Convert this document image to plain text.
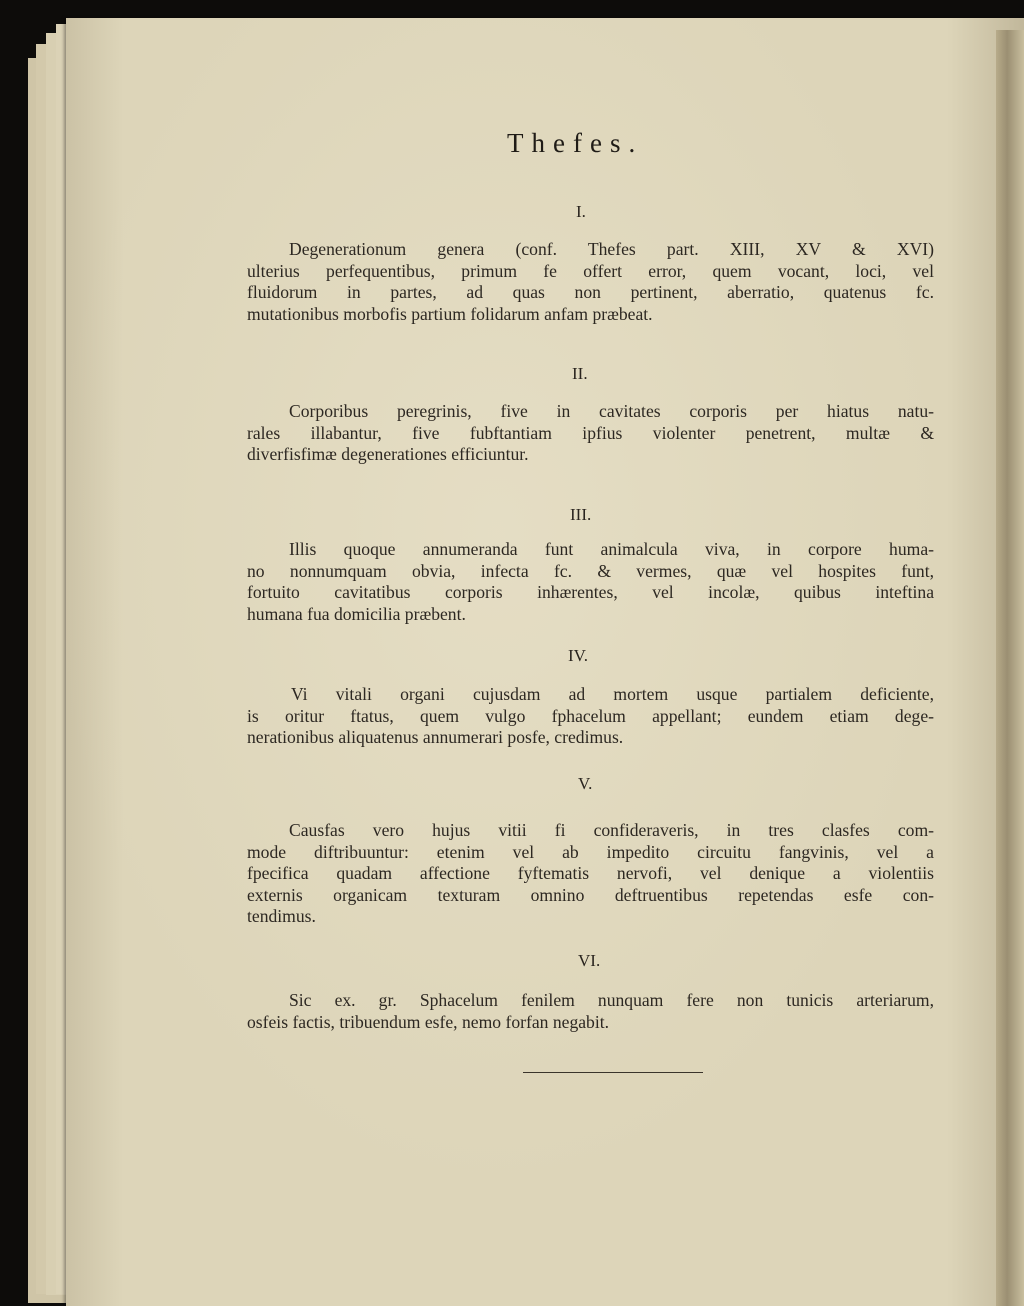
Thefes.
I.
Degenerationum genera (conf. Thefes part. XIII, XV & XVI)
ulterius perfequentibus, primum fe offert error, quem vocant, loci, vel
fluidorum in partes, ad quas non pertinent, aberratio, quatenus fc.
mutationibus morbofis partium folidarum anfam præbeat.
II.
Corporibus peregrinis, five in cavitates corporis per hiatus natu-
rales illabantur, five fubftantiam ipfius violenter penetrent, multæ &
diverfisfimæ degenerationes efficiuntur.
III.
Illis quoque annumeranda funt animalcula viva, in corpore huma-
no nonnumquam obvia, infecta fc. & vermes, quæ vel hospites funt,
fortuito cavitatibus corporis inhærentes, vel incolæ, quibus inteftina
humana fua domicilia præbent.
IV.
Vi vitali organi cujusdam ad mortem usque partialem deficiente,
is oritur ftatus, quem vulgo fphacelum appellant; eundem etiam dege-
nerationibus aliquatenus annumerari posfe, credimus.
V.
Causfas vero hujus vitii fi confideraveris, in tres clasfes com-
mode diftribuuntur: etenim vel ab impedito circuitu fangvinis, vel a
fpecifica quadam affectione fyftematis nervofi, vel denique a violentiis
externis organicam texturam omnino deftruentibus repetendas esfe con-
tendimus.
VI.
Sic ex. gr. Sphacelum fenilem nunquam fere non tunicis arteriarum,
osfeis factis, tribuendum esfe, nemo forfan negabit.
